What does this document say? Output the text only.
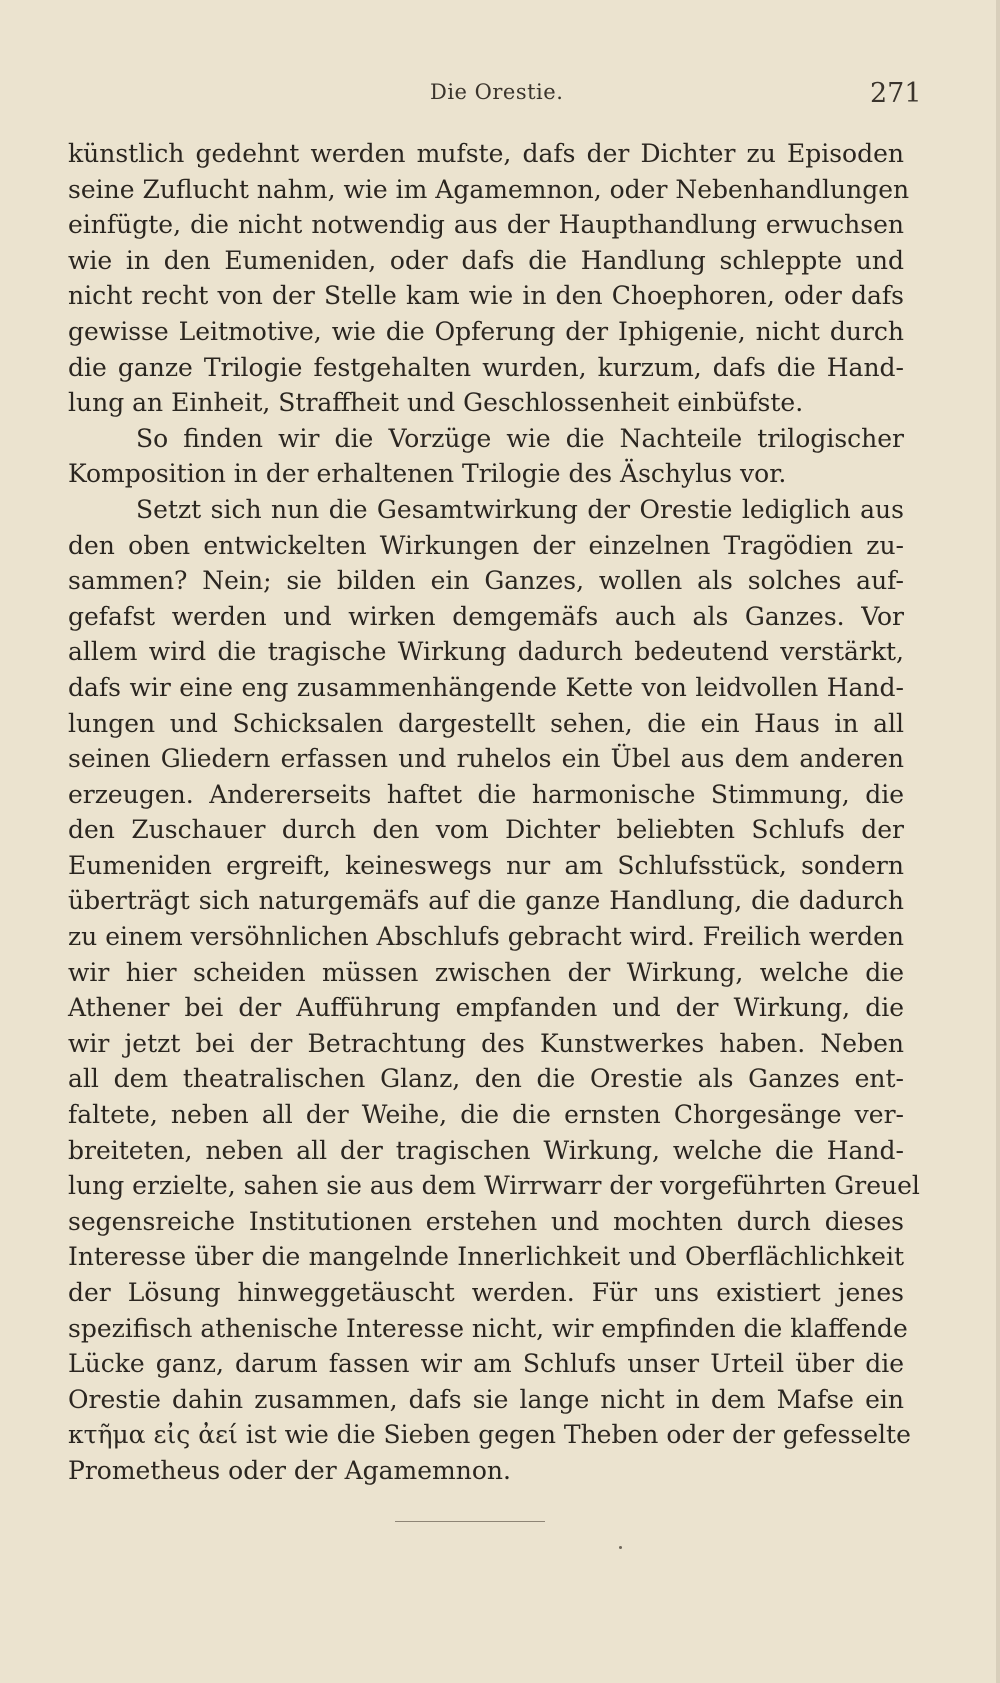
Die Orestie.	271
künstlich gedehnt werden mufste, dafs der Dichter zu Episoden
seine Zuflucht nahm, wie im Agamemnon, oder Nebenhandlungen
einfügte, die nicht notwendig aus der Haupthandlung erwuchsen
wie in den Eumeniden, oder dafs die Handlung schleppte und
nicht recht von der Stelle kam wie in den Choephoren, oder dafs
gewisse Leitmotive, wie die Opferung der Iphigenie, nicht durch
die ganze Trilogie festgehalten wurden, kurzum, dafs die Hand-
lung an Einheit, Straffheit und Geschlossenheit einbüfste.
So finden wir die Vorzüge wie die Nachteile trilogischer
Komposition in der erhaltenen Trilogie des Äschylus vor.
Setzt sich nun die Gesamtwirkung der Orestie lediglich aus
den oben entwickelten Wirkungen der einzelnen Tragödien zu-
sammen? Nein; sie bilden ein Ganzes, wollen als solches auf-
gefafst werden und wirken demgemäfs auch als Ganzes. Vor
allem wird die tragische Wirkung dadurch bedeutend verstärkt,
dafs wir eine eng zusammenhängende Kette von leidvollen Hand-
lungen und Schicksalen dargestellt sehen, die ein Haus in all
seinen Gliedern erfassen und ruhelos ein Übel aus dem anderen
erzeugen. Andererseits haftet die harmonische Stimmung, die
den Zuschauer durch den vom Dichter beliebten Schlufs der
Eumeniden ergreift, keineswegs nur am Schlufsstück, sondern
überträgt sich naturgemäfs auf die ganze Handlung, die dadurch
zu einem versöhnlichen Abschlufs gebracht wird. Freilich werden
wir hier scheiden müssen zwischen der Wirkung, welche die
Athener bei der Aufführung empfanden und der Wirkung, die
wir jetzt bei der Betrachtung des Kunstwerkes haben. Neben
all dem theatralischen Glanz, den die Orestie als Ganzes ent-
faltete, neben all der Weihe, die die ernsten Chorgesänge ver-
breiteten, neben all der tragischen Wirkung, welche die Hand-
lung erzielte, sahen sie aus dem Wirrwarr der vorgeführten Greuel
segensreiche Institutionen erstehen und mochten durch dieses
Interesse über die mangelnde Innerlichkeit und Oberflächlichkeit
der Lösung hinweggetäuscht werden. Für uns existiert jenes
spezifisch athenische Interesse nicht, wir empfinden die klaffende
Lücke ganz, darum fassen wir am Schlufs unser Urteil über die
Orestie dahin zusammen, dafs sie lange nicht in dem Mafse ein
κτῆμα εἰς ἀεί ist wie die Sieben gegen Theben oder der gefesselte
Prometheus oder der Agamemnon.
